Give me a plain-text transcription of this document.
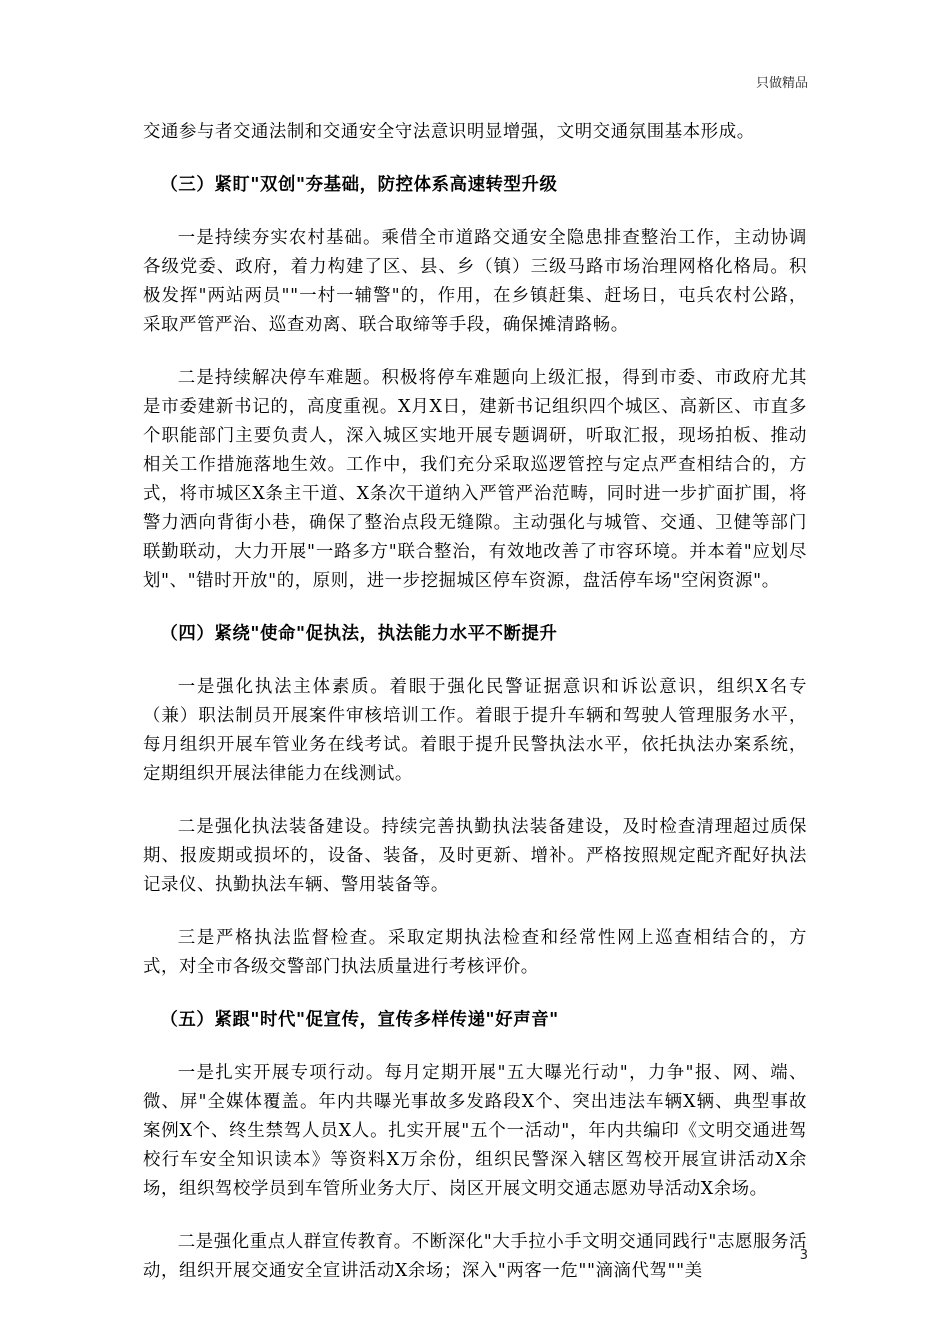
只做精品

交通参与者交通法制和交通安全守法意识明显增强，文明交通氛围基本形成。

（三）紧盯"双创"夯基础，防控体系高速转型升级

一是持续夯实农村基础。乘借全市道路交通安全隐患排查整治工作，主动协调各级党委、政府，着力构建了区、县、乡（镇）三级马路市场治理网格化格局。积极发挥"两站两员""一村一辅警"的，作用，在乡镇赶集、赶场日，屯兵农村公路，采取严管严治、巡查劝离、联合取缔等手段，确保摊清路畅。

二是持续解决停车难题。积极将停车难题向上级汇报，得到市委、市政府尤其是市委建新书记的，高度重视。X月X日，建新书记组织四个城区、高新区、市直多个职能部门主要负责人，深入城区实地开展专题调研，听取汇报，现场拍板、推动相关工作措施落地生效。工作中，我们充分采取巡逻管控与定点严查相结合的，方式，将市城区X条主干道、X条次干道纳入严管严治范畴，同时进一步扩面扩围，将警力洒向背街小巷，确保了整治点段无缝隙。主动强化与城管、交通、卫健等部门联勤联动，大力开展"一路多方"联合整治，有效地改善了市容环境。并本着"应划尽划"、"错时开放"的，原则，进一步挖掘城区停车资源，盘活停车场"空闲资源"。

（四）紧绕"使命"促执法，执法能力水平不断提升

一是强化执法主体素质。着眼于强化民警证据意识和诉讼意识，组织X名专（兼）职法制员开展案件审核培训工作。着眼于提升车辆和驾驶人管理服务水平，每月组织开展车管业务在线考试。着眼于提升民警执法水平，依托执法办案系统，定期组织开展法律能力在线测试。

二是强化执法装备建设。持续完善执勤执法装备建设，及时检查清理超过质保期、报废期或损坏的，设备、装备，及时更新、增补。严格按照规定配齐配好执法记录仪、执勤执法车辆、警用装备等。

三是严格执法监督检查。采取定期执法检查和经常性网上巡查相结合的，方式，对全市各级交警部门执法质量进行考核评价。

（五）紧跟"时代"促宣传，宣传多样传递"好声音"

一是扎实开展专项行动。每月定期开展"五大曝光行动"，力争"报、网、端、微、屏"全媒体覆盖。年内共曝光事故多发路段X个、突出违法车辆X辆、典型事故案例X个、终生禁驾人员X人。扎实开展"五个一活动"，年内共编印《文明交通进驾校行车安全知识读本》等资料X万余份，组织民警深入辖区驾校开展宣讲活动X余场，组织驾校学员到车管所业务大厅、岗区开展文明交通志愿劝导活动X余场。

二是强化重点人群宣传教育。不断深化"大手拉小手文明交通同践行"志愿服务活动，组织开展交通安全宣讲活动X余场；深入"两客一危""滴滴代驾""美

3
